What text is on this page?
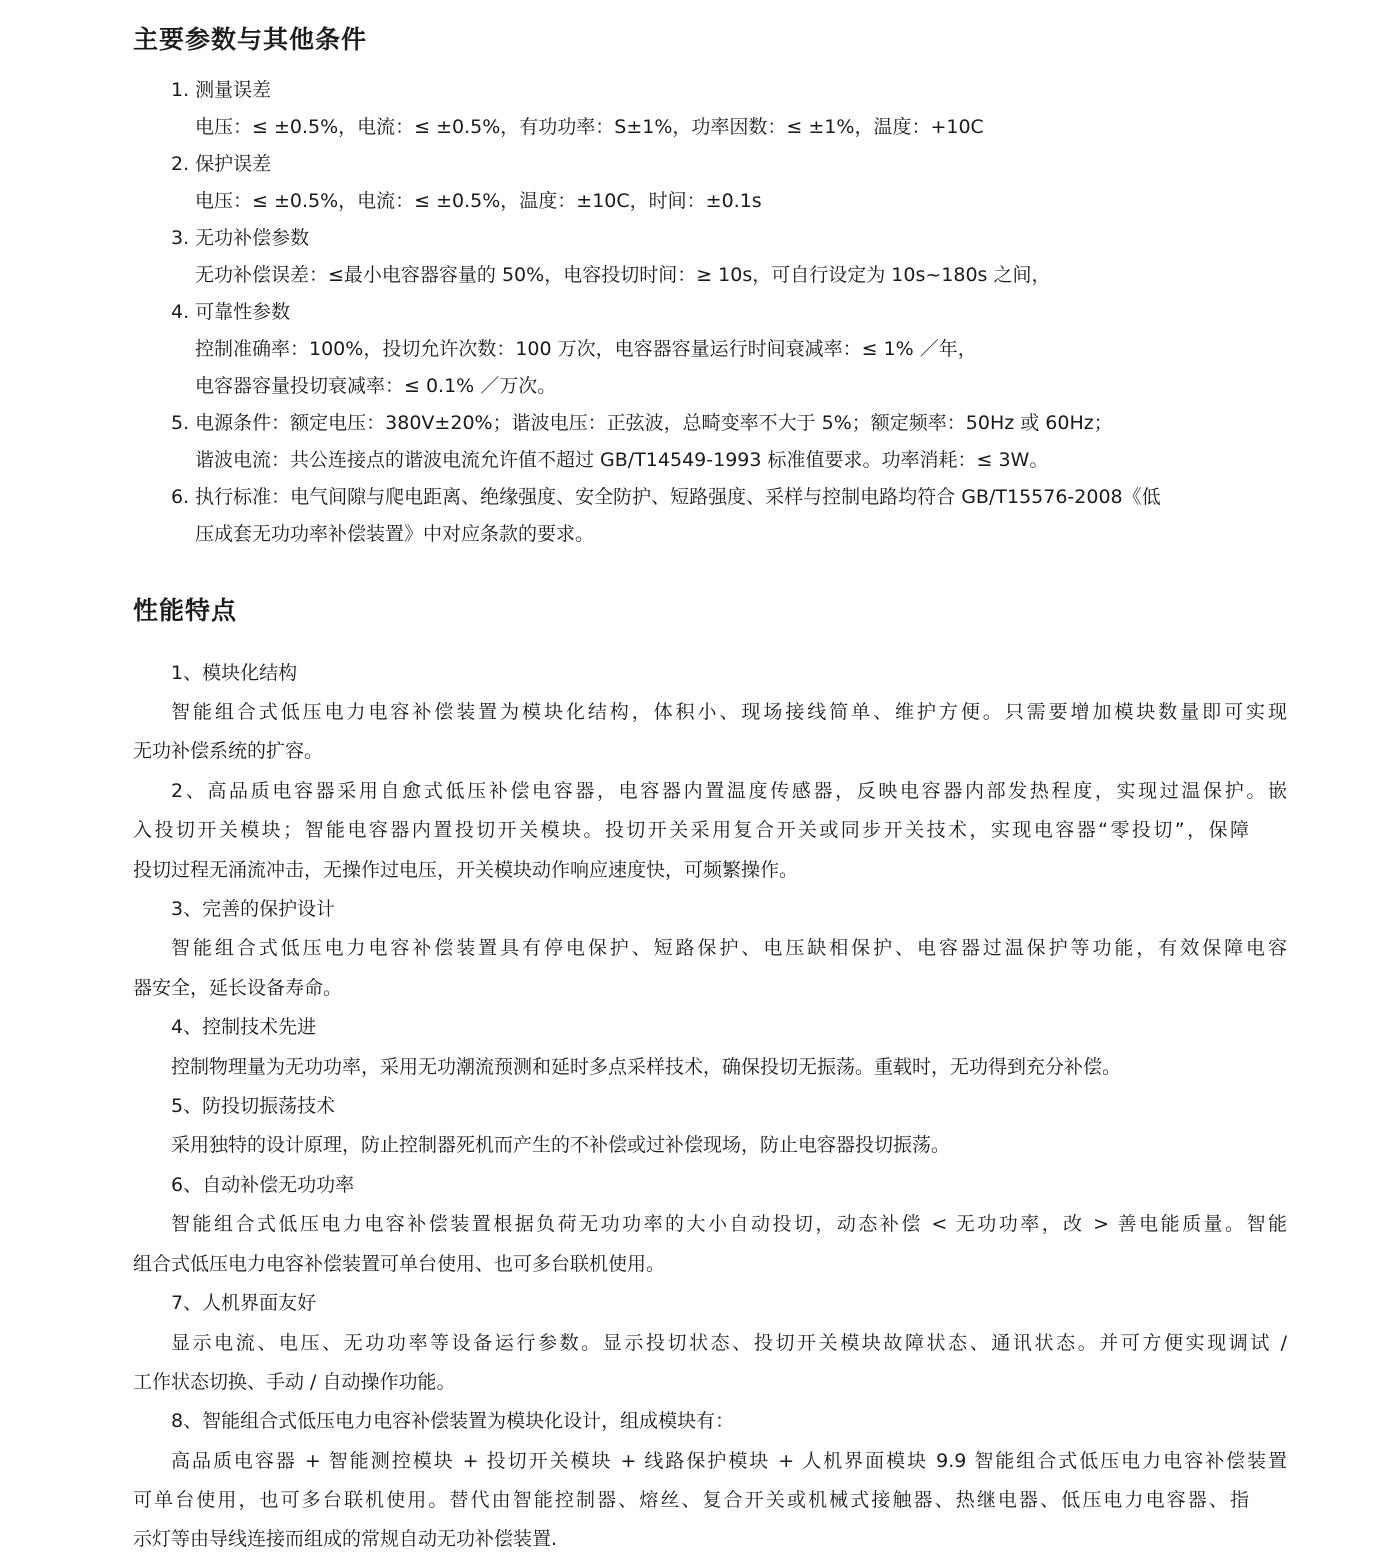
主要参数与其他条件

1. 测量误差

电压：≤ ±0.5%，电流：≤ ±0.5%，有功功率：S±1%，功率因数：≤ ±1%，温度：+10C

2. 保护误差

电压：≤ ±0.5%，电流：≤ ±0.5%，温度：±10C，时间：±0.1s

3. 无功补偿参数

无功补偿误差：≤最小电容器容量的 50%，电容投切时间：≥ 10s，可自行设定为 10s~180s 之间，

4. 可靠性参数

控制准确率：100%，投切允许次数：100 万次，电容器容量运行时间衰减率：≤ 1% ／年，

电容器容量投切衰减率：≤ 0.1% ／万次。

5. 电源条件：额定电压：380V±20%；谐波电压：正弦波，总畸变率不大于 5%；额定频率：50Hz 或 60Hz；

谐波电流：共公连接点的谐波电流允许值不超过 GB/T14549-1993 标准值要求。功率消耗：≤ 3W。

6. 执行标准：电气间隙与爬电距离、绝缘强度、安全防护、短路强度、采样与控制电路均符合 GB/T15576-2008《低

压成套无功功率补偿装置》中对应条款的要求。

性能特点

1、模块化结构

智能组合式低压电力电容补偿装置为模块化结构，体积小、现场接线简单、维护方便。只需要增加模块数量即可实现

无功补偿系统的扩容。

2、高品质电容器采用自愈式低压补偿电容器，电容器内置温度传感器，反映电容器内部发热程度，实现过温保护。嵌

入投切开关模块；智能电容器内置投切开关模块。投切开关采用复合开关或同步开关技术，实现电容器“零投切”，保障

投切过程无涌流冲击，无操作过电压，开关模块动作响应速度快，可频繁操作。

3、完善的保护设计

智能组合式低压电力电容补偿装置具有停电保护、短路保护、电压缺相保护、电容器过温保护等功能，有效保障电容

器安全，延长设备寿命。

4、控制技术先进

控制物理量为无功功率，采用无功潮流预测和延时多点采样技术，确保投切无振荡。重载时，无功得到充分补偿。

5、防投切振荡技术

采用独特的设计原理，防止控制器死机而产生的不补偿或过补偿现场，防止电容器投切振荡。

6、自动补偿无功功率

智能组合式低压电力电容补偿装置根据负荷无功功率的大小自动投切，动态补偿 < 无功功率，改 > 善电能质量。智能

组合式低压电力电容补偿装置可单台使用、也可多台联机使用。

7、人机界面友好

显示电流、电压、无功功率等设备运行参数。显示投切状态、投切开关模块故障状态、通讯状态。并可方便实现调试 /

工作状态切换、手动 / 自动操作功能。

8、智能组合式低压电力电容补偿装置为模块化设计，组成模块有：

高品质电容器 + 智能测控模块 + 投切开关模块 + 线路保护模块 + 人机界面模块 9.9 智能组合式低压电力电容补偿装置

可单台使用，也可多台联机使用。替代由智能控制器、熔丝、复合开关或机械式接触器、热继电器、低压电力电容器、指

示灯等由导线连接而组成的常规自动无功补偿装置.
